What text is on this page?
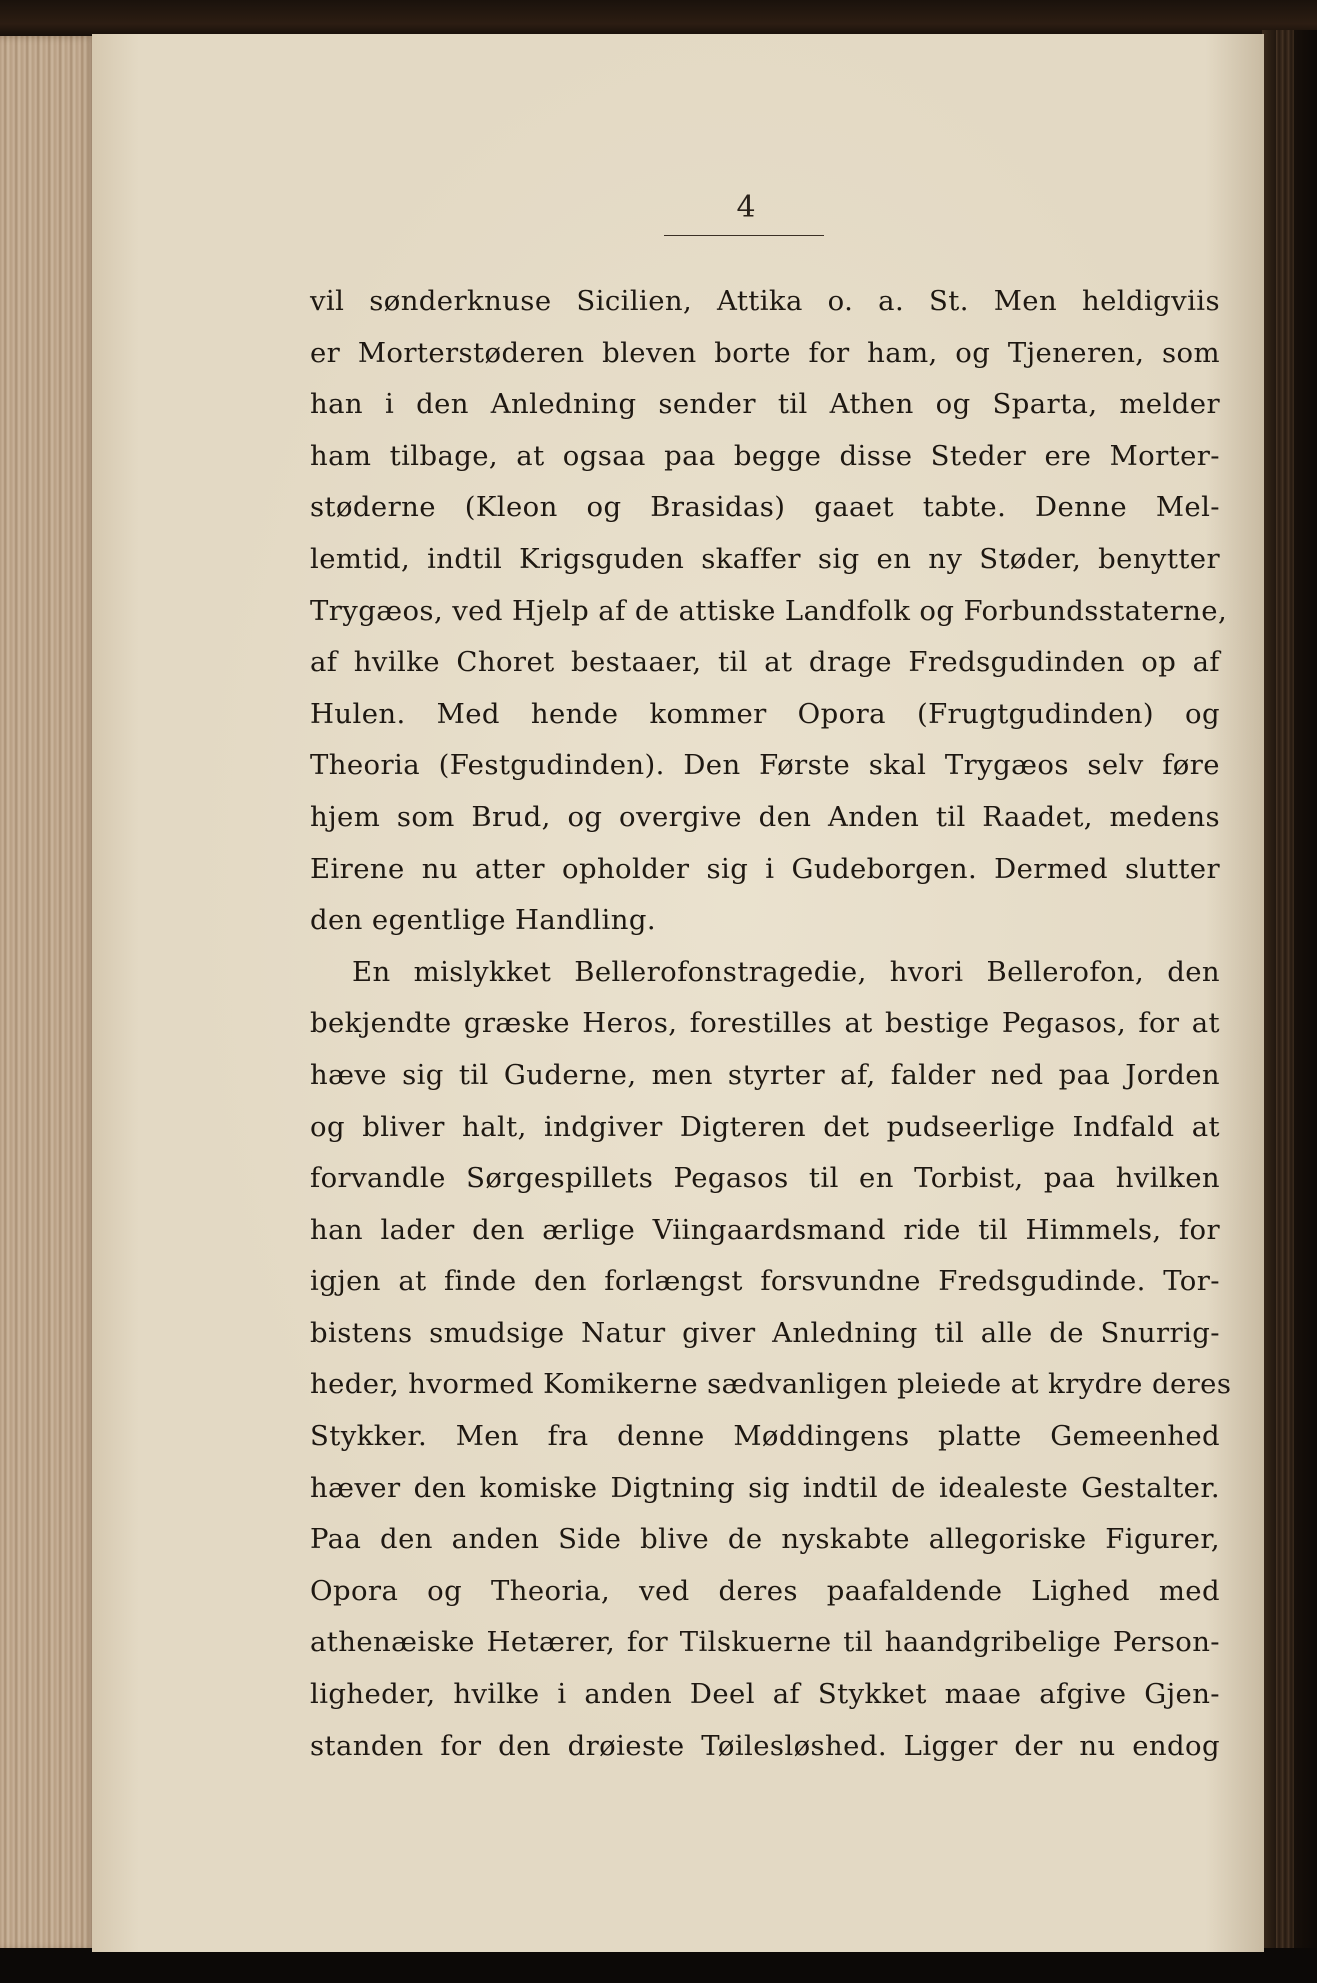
4
vil sønderknuse Sicilien, Attika o. a. St. Men heldigviis
er Morterstøderen bleven borte for ham, og Tjeneren, som
han i den Anledning sender til Athen og Sparta, melder
ham tilbage, at ogsaa paa begge disse Steder ere Morter-
støderne (Kleon og Brasidas) gaaet tabte. Denne Mel-
lemtid, indtil Krigsguden skaffer sig en ny Støder, benytter
Trygæos, ved Hjelp af de attiske Landfolk og Forbundsstaterne,
af hvilke Choret bestaaer, til at drage Fredsgudinden op af
Hulen. Med hende kommer Opora (Frugtgudinden) og
Theoria (Festgudinden). Den Første skal Trygæos selv føre
hjem som Brud, og overgive den Anden til Raadet, medens
Eirene nu atter opholder sig i Gudeborgen. Dermed slutter
den egentlige Handling.
En mislykket Bellerofonstragedie, hvori Bellerofon, den
bekjendte græske Heros, forestilles at bestige Pegasos, for at
hæve sig til Guderne, men styrter af, falder ned paa Jorden
og bliver halt, indgiver Digteren det pudseerlige Indfald at
forvandle Sørgespillets Pegasos til en Torbist, paa hvilken
han lader den ærlige Viingaardsmand ride til Himmels, for
igjen at finde den forlængst forsvundne Fredsgudinde. Tor-
bistens smudsige Natur giver Anledning til alle de Snurrig-
heder, hvormed Komikerne sædvanligen pleiede at krydre deres
Stykker. Men fra denne Møddingens platte Gemeenhed
hæver den komiske Digtning sig indtil de idealeste Gestalter.
Paa den anden Side blive de nyskabte allegoriske Figurer,
Opora og Theoria, ved deres paafaldende Lighed med
athenæiske Hetærer, for Tilskuerne til haandgribelige Person-
ligheder, hvilke i anden Deel af Stykket maae afgive Gjen-
standen for den drøieste Tøilesløshed. Ligger der nu endog
